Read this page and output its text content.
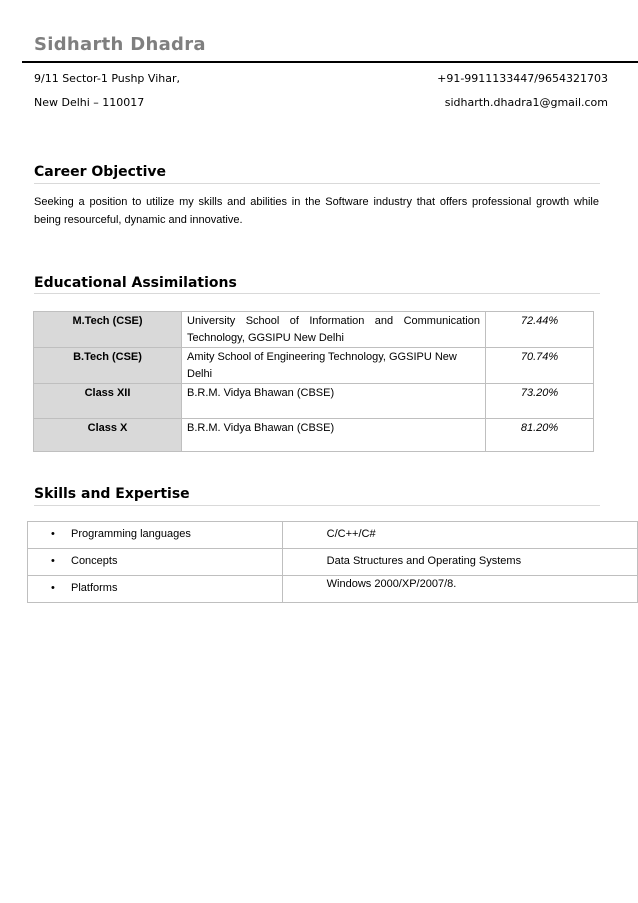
Sidharth Dhadra
9/11 Sector-1 Pushp Vihar,
New Delhi – 110017
+91-9911133447/9654321703
sidharth.dhadra1@gmail.com
Career Objective
Seeking a position to utilize my skills and abilities in the Software industry that offers professional growth while being resourceful, dynamic and innovative.
Educational Assimilations
M.Tech (CSE)	University School of Information and Communication Technology, GGSIPU New Delhi	72.44%
B.Tech (CSE)	Amity School of Engineering Technology, GGSIPU New Delhi	70.74%
Class XII	B.R.M. Vidya Bhawan (CBSE)	73.20%
Class X	B.R.M. Vidya Bhawan (CBSE)	81.20%
Skills and Expertise
• Programming languages	C/C++/C#
• Concepts	Data Structures and Operating Systems
• Platforms	Windows 2000/XP/2007/8.
